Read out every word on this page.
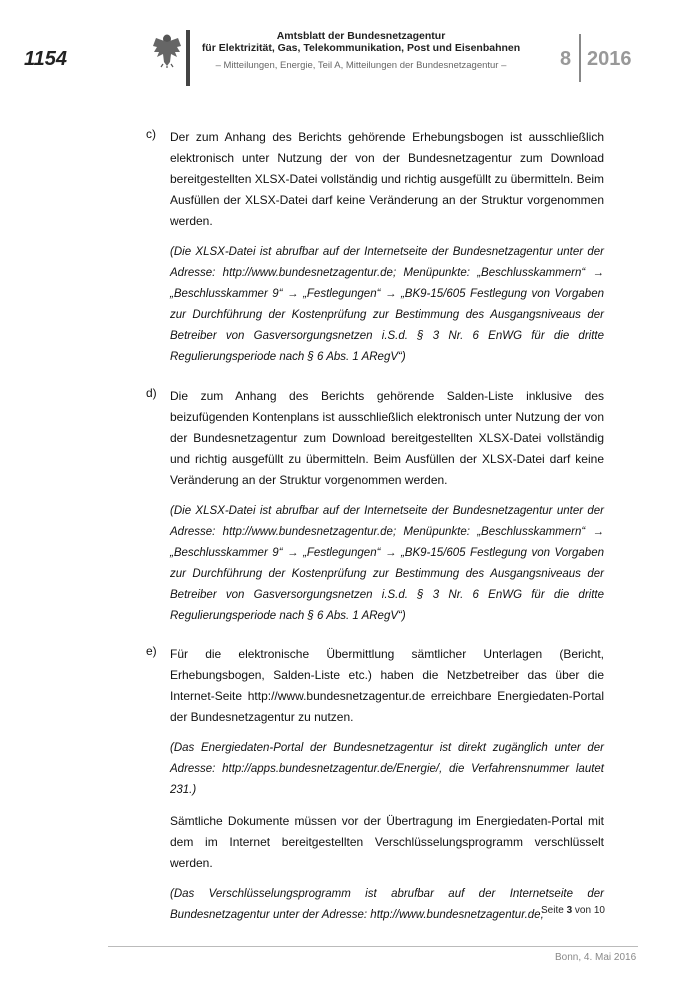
1154
Amtsblatt der Bundesnetzagentur
für Elektrizität, Gas, Telekommunikation, Post und Eisenbahnen
– Mitteilungen, Energie, Teil A, Mitteilungen der Bundesnetzagentur –	8 2016
c) Der zum Anhang des Berichts gehörende Erhebungsbogen ist ausschließlich elektronisch unter Nutzung der von der Bundesnetzagentur zum Download bereitgestellten XLSX-Datei vollständig und richtig ausgefüllt zu übermitteln. Beim Ausfüllen der XLSX-Datei darf keine Veränderung an der Struktur vorgenommen werden.
(Die XLSX-Datei ist abrufbar auf der Internetseite der Bundesnetzagentur unter der Adresse: http://www.bundesnetzagentur.de; Menüpunkte: „Beschlusskammern“ → „Beschlusskammer 9“ → „Festlegungen“ → „BK9-15/605 Festlegung von Vorgaben zur Durchführung der Kostenprüfung zur Bestimmung des Ausgangsniveaus der Betreiber von Gasversorgungsnetzen i.S.d. § 3 Nr. 6 EnWG für die dritte Regulierungsperiode nach § 6 Abs. 1 ARegV“)
d) Die zum Anhang des Berichts gehörende Salden-Liste inklusive des beizufügenden Kontenplans ist ausschließlich elektronisch unter Nutzung der von der Bundesnetzagentur zum Download bereitgestellten XLSX-Datei vollständig und richtig ausgefüllt zu übermitteln. Beim Ausfüllen der XLSX-Datei darf keine Veränderung an der Struktur vorgenommen werden.
(Die XLSX-Datei ist abrufbar auf der Internetseite der Bundesnetzagentur unter der Adresse: http://www.bundesnetzagentur.de; Menüpunkte: „Beschlusskammern“ → „Beschlusskammer 9“ → „Festlegungen“ → „BK9-15/605 Festlegung von Vorgaben zur Durchführung der Kostenprüfung zur Bestimmung des Ausgangsniveaus der Betreiber von Gasversorgungsnetzen i.S.d. § 3 Nr. 6 EnWG für die dritte Regulierungsperiode nach § 6 Abs. 1 ARegV“)
e) Für die elektronische Übermittlung sämtlicher Unterlagen (Bericht, Erhebungsbogen, Salden-Liste etc.) haben die Netzbetreiber das über die Internet-Seite http://www.bundesnetzagentur.de erreichbare Energiedaten-Portal der Bundesnetzagentur zu nutzen.
(Das Energiedaten-Portal der Bundesnetzagentur ist direkt zugänglich unter der Adresse: http://apps.bundesnetzagentur.de/Energie/, die Verfahrensnummer lautet 231.)
Sämtliche Dokumente müssen vor der Übertragung im Energiedaten-Portal mit dem im Internet bereitgestellten Verschlüsselungsprogramm verschlüsselt werden.
(Das Verschlüsselungsprogramm ist abrufbar auf der Internetseite der Bundesnetzagentur unter der Adresse: http://www.bundesnetzagentur.de;
Seite 3 von 10
Bonn, 4. Mai 2016
